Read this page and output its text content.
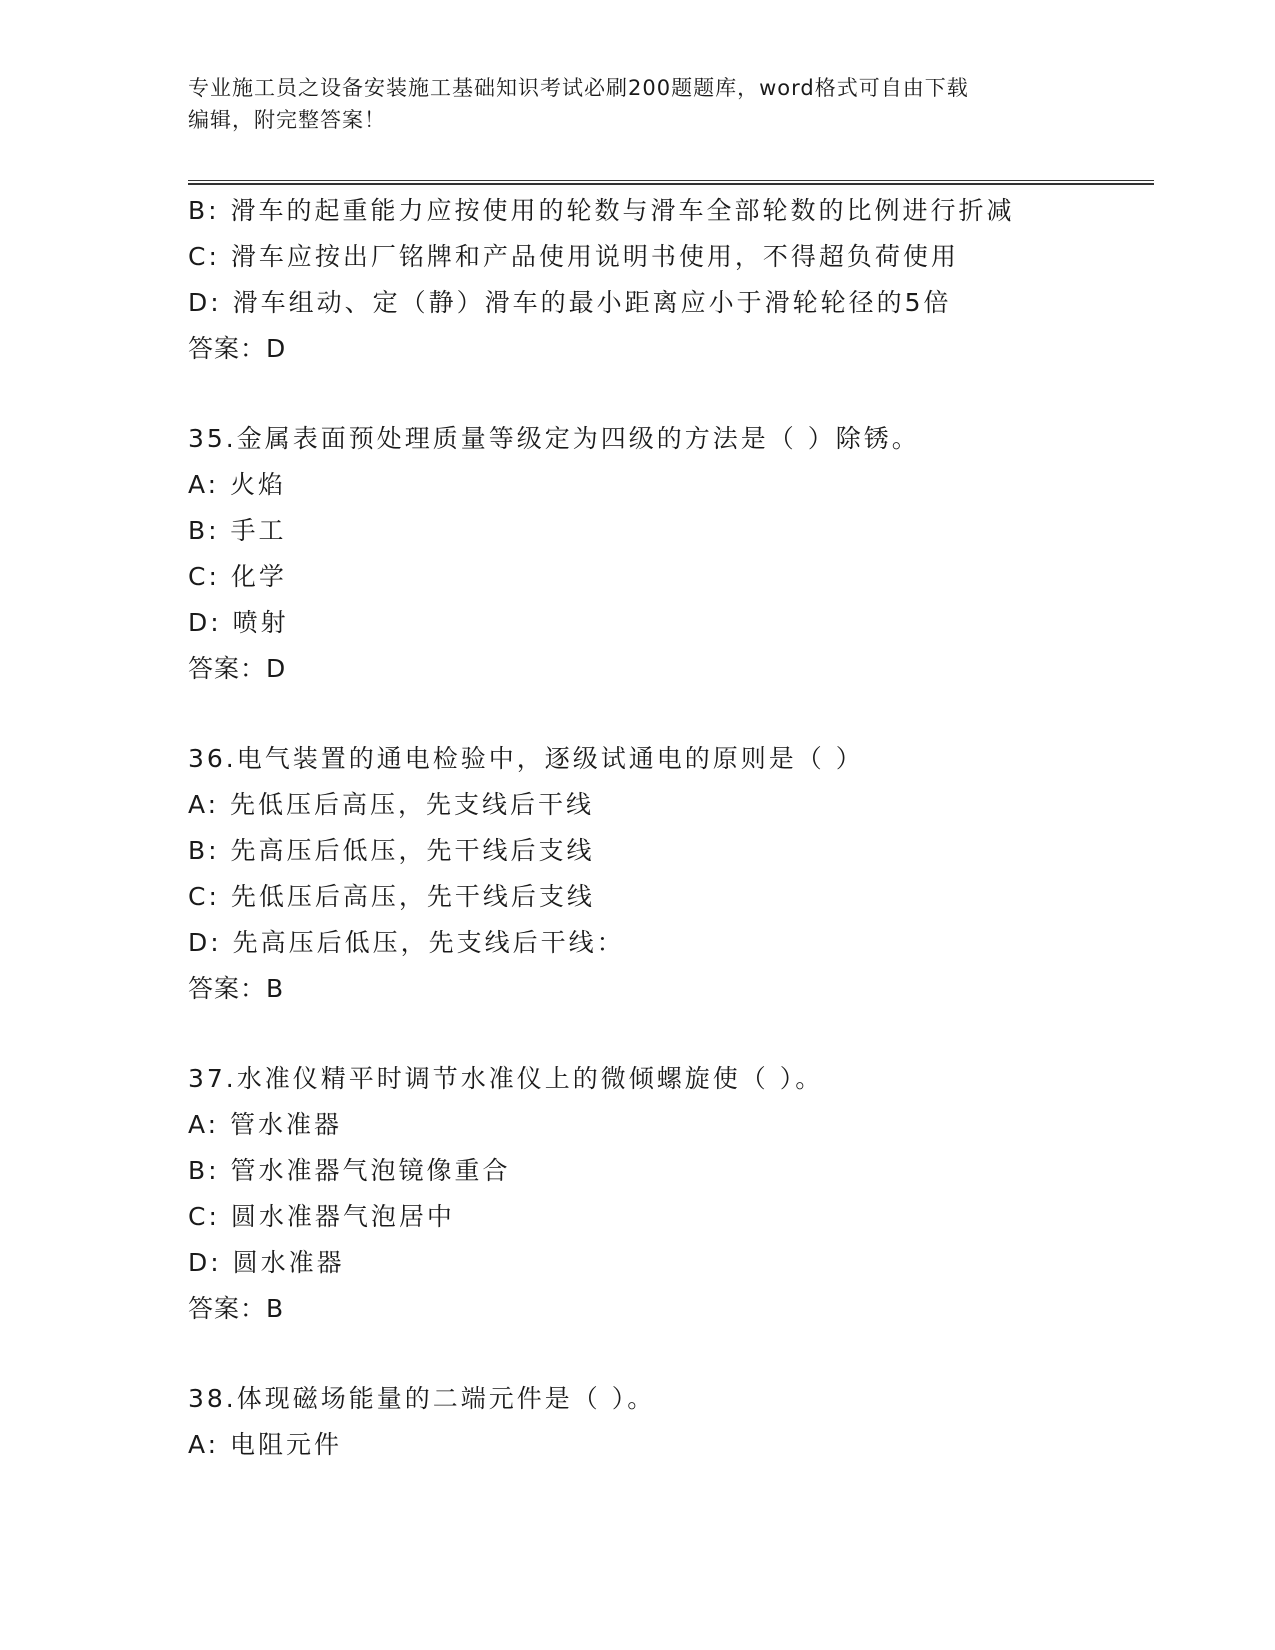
专业施工员之设备安装施工基础知识考试必刷200题题库，word格式可自由下载
编辑，附完整答案！
B: 滑车的起重能力应按使用的轮数与滑车全部轮数的比例进行折减
C: 滑车应按出厂铭牌和产品使用说明书使用，不得超负荷使用
D: 滑车组动、定（静）滑车的最小距离应小于滑轮轮径的5倍
答案：D
35.金属表面预处理质量等级定为四级的方法是（ ）除锈。
A: 火焰
B: 手工
C: 化学
D: 喷射
答案：D
36.电气装置的通电检验中，逐级试通电的原则是（ ）
A: 先低压后高压，先支线后干线
B: 先高压后低压，先干线后支线
C: 先低压后高压，先干线后支线
D: 先高压后低压，先支线后干线：
答案：B
37.水准仪精平时调节水准仪上的微倾螺旋使（ ）。
A: 管水准器
B: 管水准器气泡镜像重合
C: 圆水准器气泡居中
D: 圆水准器
答案：B
38.体现磁场能量的二端元件是（ ）。
A: 电阻元件
